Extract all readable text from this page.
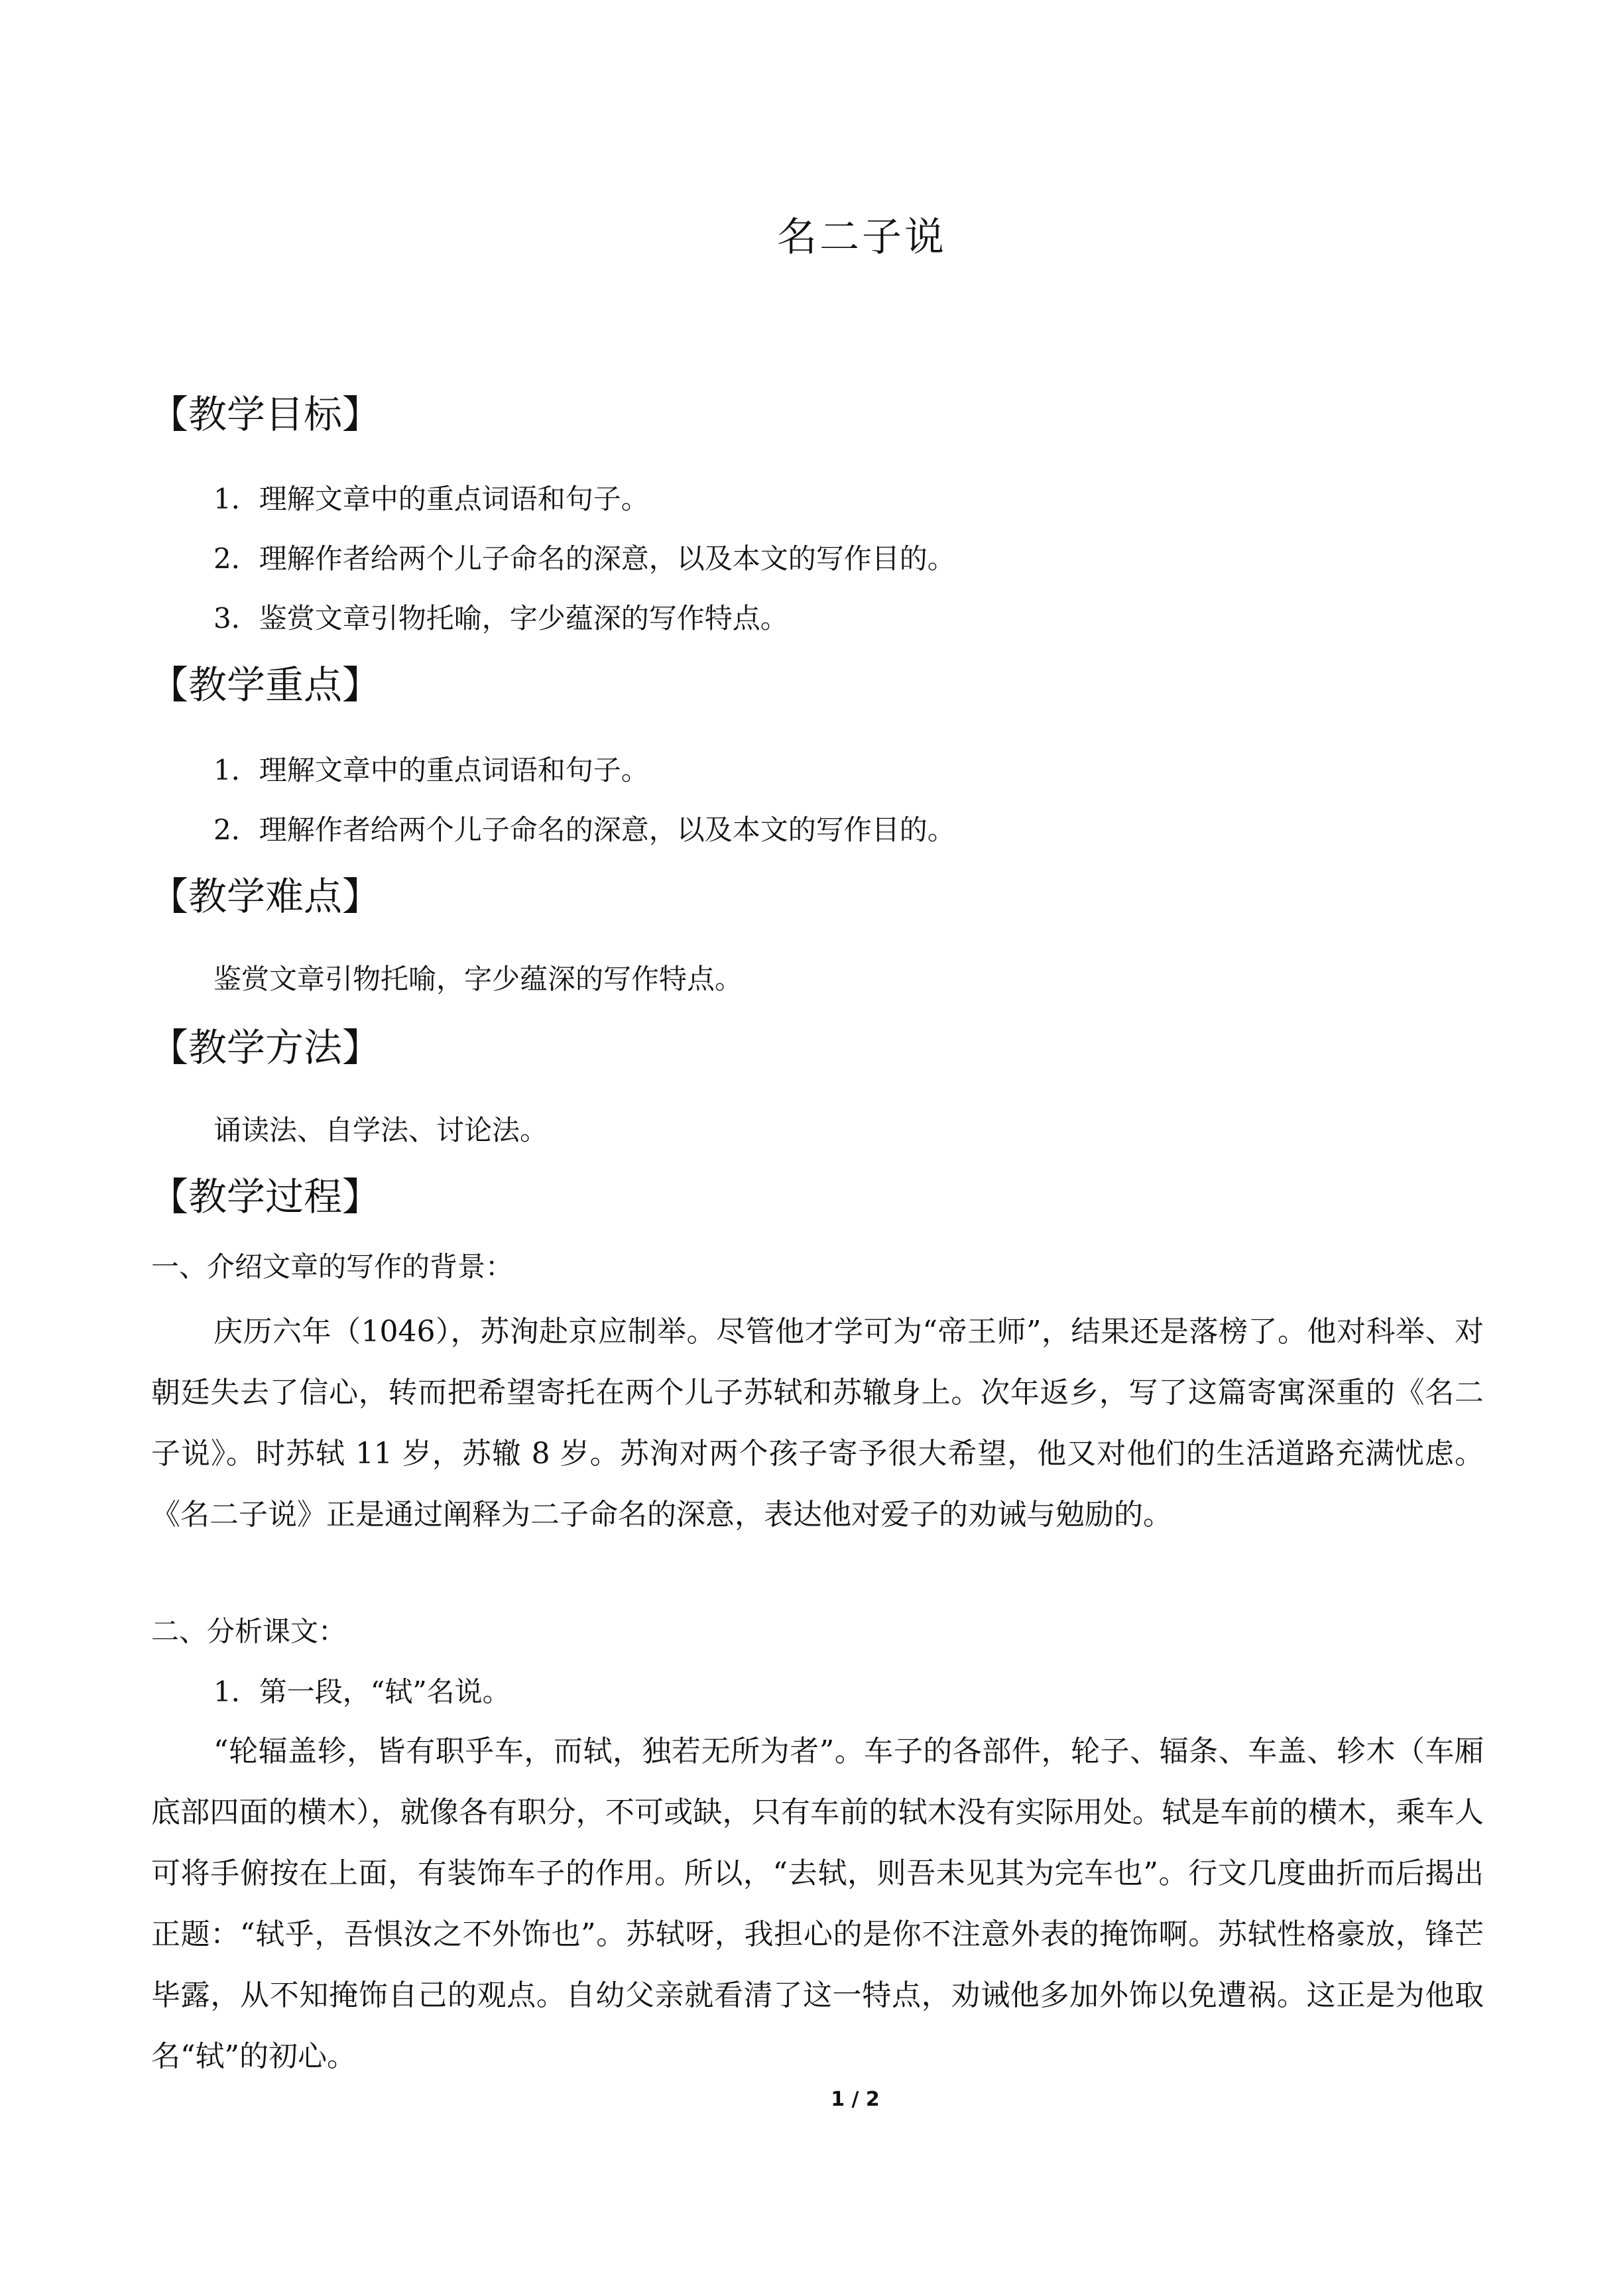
名二子说
【教学目标】
1．理解文章中的重点词语和句子。
2．理解作者给两个儿子命名的深意，以及本文的写作目的。
3．鉴赏文章引物托喻，字少蕴深的写作特点。
【教学重点】
1．理解文章中的重点词语和句子。
2．理解作者给两个儿子命名的深意，以及本文的写作目的。
【教学难点】
鉴赏文章引物托喻，字少蕴深的写作特点。
【教学方法】
诵读法、自学法、讨论法。
【教学过程】
一、介绍文章的写作的背景：
庆历六年（1046），苏洵赴京应制举。尽管他才学可为“帝王师”，结果还是落榜了。他对科举、对朝廷失去了信心，转而把希望寄托在两个儿子苏轼和苏辙身上。次年返乡，写了这篇寄寓深重的《名二子说》。时苏轼 11 岁，苏辙 8 岁。苏洵对两个孩子寄予很大希望，他又对他们的生活道路充满忧虑。《名二子说》正是通过阐释为二子命名的深意，表达他对爱子的劝诫与勉励的。
二、分析课文：
1．第一段，“轼”名说。
“轮辐盖轸，皆有职乎车，而轼，独若无所为者”。车子的各部件，轮子、辐条、车盖、轸木（车厢底部四面的横木），就像各有职分，不可或缺，只有车前的轼木没有实际用处。轼是车前的横木，乘车人可将手俯按在上面，有装饰车子的作用。所以，“去轼，则吾未见其为完车也”。行文几度曲折而后揭出正题：“轼乎，吾惧汝之不外饰也”。苏轼呀，我担心的是你不注意外表的掩饰啊。苏轼性格豪放，锋芒毕露，从不知掩饰自己的观点。自幼父亲就看清了这一特点，劝诫他多加外饰以免遭祸。这正是为他取名“轼”的初心。
1 / 2
